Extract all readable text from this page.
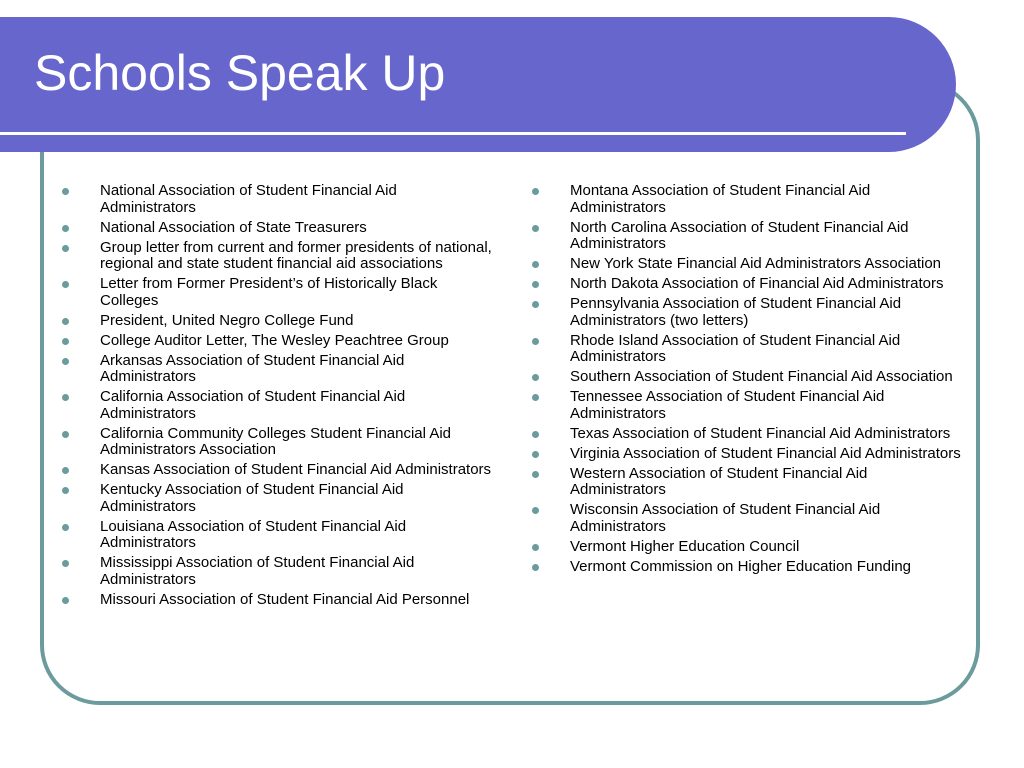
Schools Speak Up
National Association of Student Financial Aid Administrators
National Association of State Treasurers
Group letter from current and former presidents of national, regional and state student financial aid associations
Letter from Former President’s of Historically Black Colleges
President, United Negro College Fund
College Auditor Letter, The Wesley Peachtree Group
Arkansas Association of Student Financial Aid Administrators
California Association of Student Financial Aid Administrators
California Community Colleges Student Financial Aid Administrators Association
Kansas Association of Student Financial Aid Administrators
Kentucky Association of Student Financial Aid Administrators
Louisiana Association of Student Financial Aid Administrators
Mississippi Association of Student Financial Aid Administrators
Missouri Association of Student Financial Aid Personnel
Montana Association of Student Financial Aid Administrators
North Carolina Association of Student Financial Aid Administrators
New York State Financial Aid Administrators Association
North Dakota Association of Financial Aid Administrators
Pennsylvania Association of Student Financial Aid Administrators (two letters)
Rhode Island Association of Student Financial Aid Administrators
Southern Association of Student Financial Aid Association
Tennessee Association of Student Financial Aid Administrators
Texas Association of Student Financial Aid Administrators
Virginia Association of Student Financial Aid Administrators
Western Association of Student Financial Aid Administrators
Wisconsin Association of Student Financial Aid Administrators
Vermont Higher Education Council
Vermont Commission on Higher Education Funding
